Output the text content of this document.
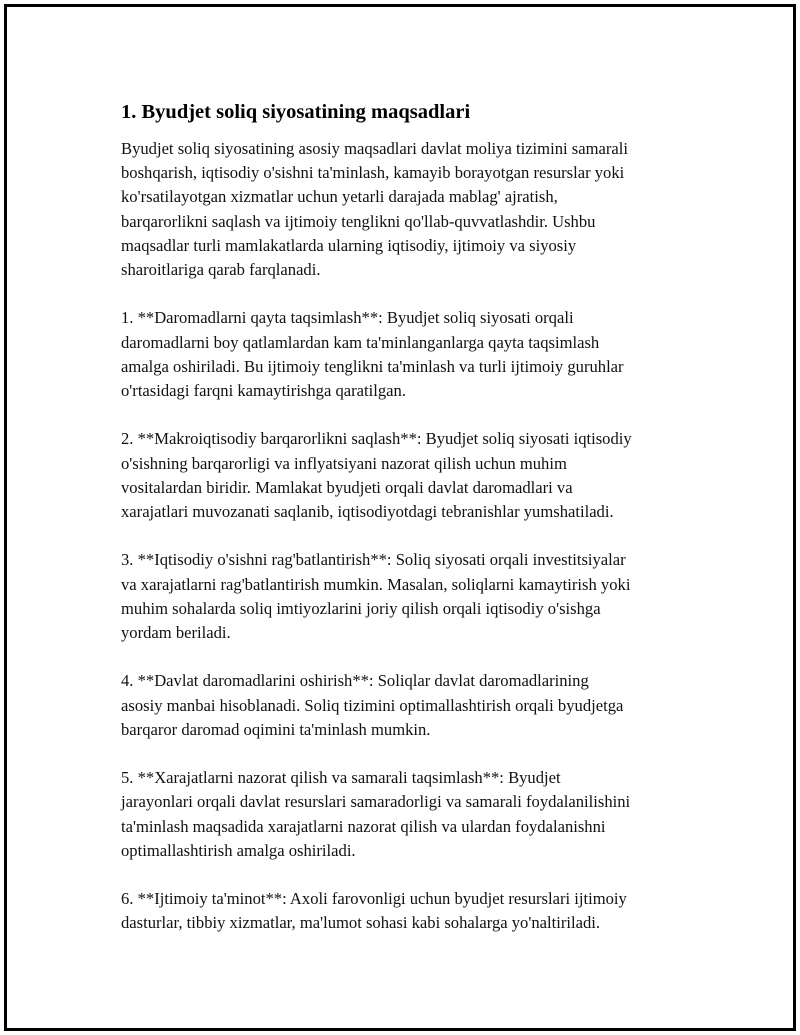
1. Byudjet soliq siyosatining maqsadlari

Byudjet soliq siyosatining asosiy maqsadlari davlat moliya tizimini samarali
boshqarish, iqtisodiy o'sishni ta'minlash, kamayib borayotgan resurslar yoki
ko'rsatilayotgan xizmatlar uchun yetarli darajada mablag' ajratish,
barqarorlikni saqlash va ijtimoiy tenglikni qo'llab-quvvatlashdir. Ushbu
maqsadlar turli mamlakatlarda ularning iqtisodiy, ijtimoiy va siyosiy
sharoitlariga qarab farqlanadi.

1. **Daromadlarni qayta taqsimlash**: Byudjet soliq siyosati orqali
daromadlarni boy qatlamlardan kam ta'minlanganlarga qayta taqsimlash
amalga oshiriladi. Bu ijtimoiy tenglikni ta'minlash va turli ijtimoiy guruhlar
o'rtasidagi farqni kamaytirishga qaratilgan.

2. **Makroiqtisodiy barqarorlikni saqlash**: Byudjet soliq siyosati iqtisodiy
o'sishning barqarorligi va inflyatsiyani nazorat qilish uchun muhim
vositalardan biridir. Mamlakat byudjeti orqali davlat daromadlari va
xarajatlari muvozanati saqlanib, iqtisodiyotdagi tebranishlar yumshatiladi.

3. **Iqtisodiy o'sishni rag'batlantirish**: Soliq siyosati orqali investitsiyalar
va xarajatlarni rag'batlantirish mumkin. Masalan, soliqlarni kamaytirish yoki
muhim sohalarda soliq imtiyozlarini joriy qilish orqali iqtisodiy o'sishga
yordam beriladi.

4. **Davlat daromadlarini oshirish**: Soliqlar davlat daromadlarining
asosiy manbai hisoblanadi. Soliq tizimini optimallashtirish orqali byudjetga
barqaror daromad oqimini ta'minlash mumkin.

5. **Xarajatlarni nazorat qilish va samarali taqsimlash**: Byudjet
jarayonlari orqali davlat resurslari samaradorligi va samarali foydalanilishini
ta'minlash maqsadida xarajatlarni nazorat qilish va ulardan foydalanishni
optimallashtirish amalga oshiriladi.

6. **Ijtimoiy ta'minot**: Axoli farovonligi uchun byudjet resurslari ijtimoiy
dasturlar, tibbiy xizmatlar, ma'lumot sohasi kabi sohalarga yo'naltiriladi.
